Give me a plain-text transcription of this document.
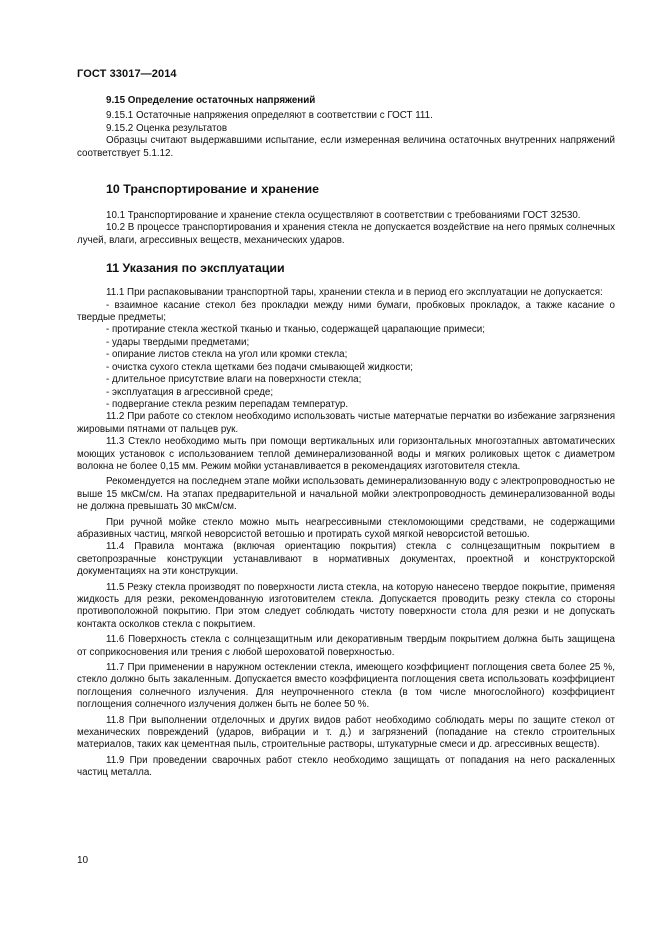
ГОСТ 33017—2014
9.15 Определение остаточных напряжений

9.15.1 Остаточные напряжения определяют в соответствии с ГОСТ 111.

9.15.2 Оценка результатов

Образцы считают выдержавшими испытание, если измеренная величина остаточных внутренних напряжений соответствует 5.1.12.

10 Транспортирование и хранение

10.1 Транспортирование и хранение стекла осуществляют в соответствии с требованиями ГОСТ 32530.

10.2 В процессе транспортирования и хранения стекла не допускается воздействие на него прямых солнечных лучей, влаги, агрессивных веществ, механических ударов.

11 Указания по эксплуатации

11.1 При распаковывании транспортной тары, хранении стекла и в период его эксплуатации не допускается:

- взаимное касание стекол без прокладки между ними бумаги, пробковых прокладок, а также касание о твердые предметы;

- протирание стекла жесткой тканью и тканью, содержащей царапающие примеси;

- удары твердыми предметами;

- опирание листов стекла на угол или кромки стекла;

- очистка сухого стекла щетками без подачи смывающей жидкости;

- длительное присутствие влаги на поверхности стекла;

- эксплуатация в агрессивной среде;

- подвергание стекла резким перепадам температур.

11.2 При работе со стеклом необходимо использовать чистые матерчатые перчатки во избежание загрязнения жировыми пятнами от пальцев рук.

11.3 Стекло необходимо мыть при помощи вертикальных или горизонтальных многоэтапных автоматических моющих установок с использованием теплой деминерализованной воды и мягких роликовых щеток с диаметром волокна не более 0,15 мм. Режим мойки устанавливается в рекомендациях изготовителя стекла.

Рекомендуется на последнем этапе мойки использовать деминерализованную воду с электропроводностью не выше 15 мкСм/см. На этапах предварительной и начальной мойки электропроводность деминерализованной воды не должна превышать 30 мкСм/см.

При ручной мойке стекло можно мыть неагрессивными стекломоющими средствами, не содержащими абразивных частиц, мягкой неворсистой ветошью и протирать сухой мягкой неворсистой ветошью.

11.4 Правила монтажа (включая ориентацию покрытия) стекла с солнцезащитным покрытием в светопрозрачные конструкции устанавливают в нормативных документах, проектной и конструкторской документациях на эти конструкции.

11.5 Резку стекла производят по поверхности листа стекла, на которую нанесено твердое покрытие, применяя жидкость для резки, рекомендованную изготовителем стекла. Допускается проводить резку стекла со стороны противоположной покрытию. При этом следует соблюдать чистоту поверхности стола для резки и не допускать контакта осколков стекла с покрытием.

11.6 Поверхность стекла с солнцезащитным или декоративным твердым покрытием должна быть защищена от соприкосновения или трения с любой шероховатой поверхностью.

11.7 При применении в наружном остеклении стекла, имеющего коэффициент поглощения света более 25 %, стекло должно быть закаленным. Допускается вместо коэффициента поглощения света использовать коэффициент поглощения солнечного излучения. Для неупрочненного стекла (в том числе многослойного) коэффициент поглощения солнечного излучения должен быть не более 50 %.

11.8 При выполнении отделочных и других видов работ необходимо соблюдать меры по защите стекол от механических повреждений (ударов, вибрации и т. д.) и загрязнений (попадание на стекло строительных материалов, таких как цементная пыль, строительные растворы, штукатурные смеси и др. агрессивных веществ).

11.9 При проведении сварочных работ стекло необходимо защищать от попадания на него раскаленных частиц металла.

10
